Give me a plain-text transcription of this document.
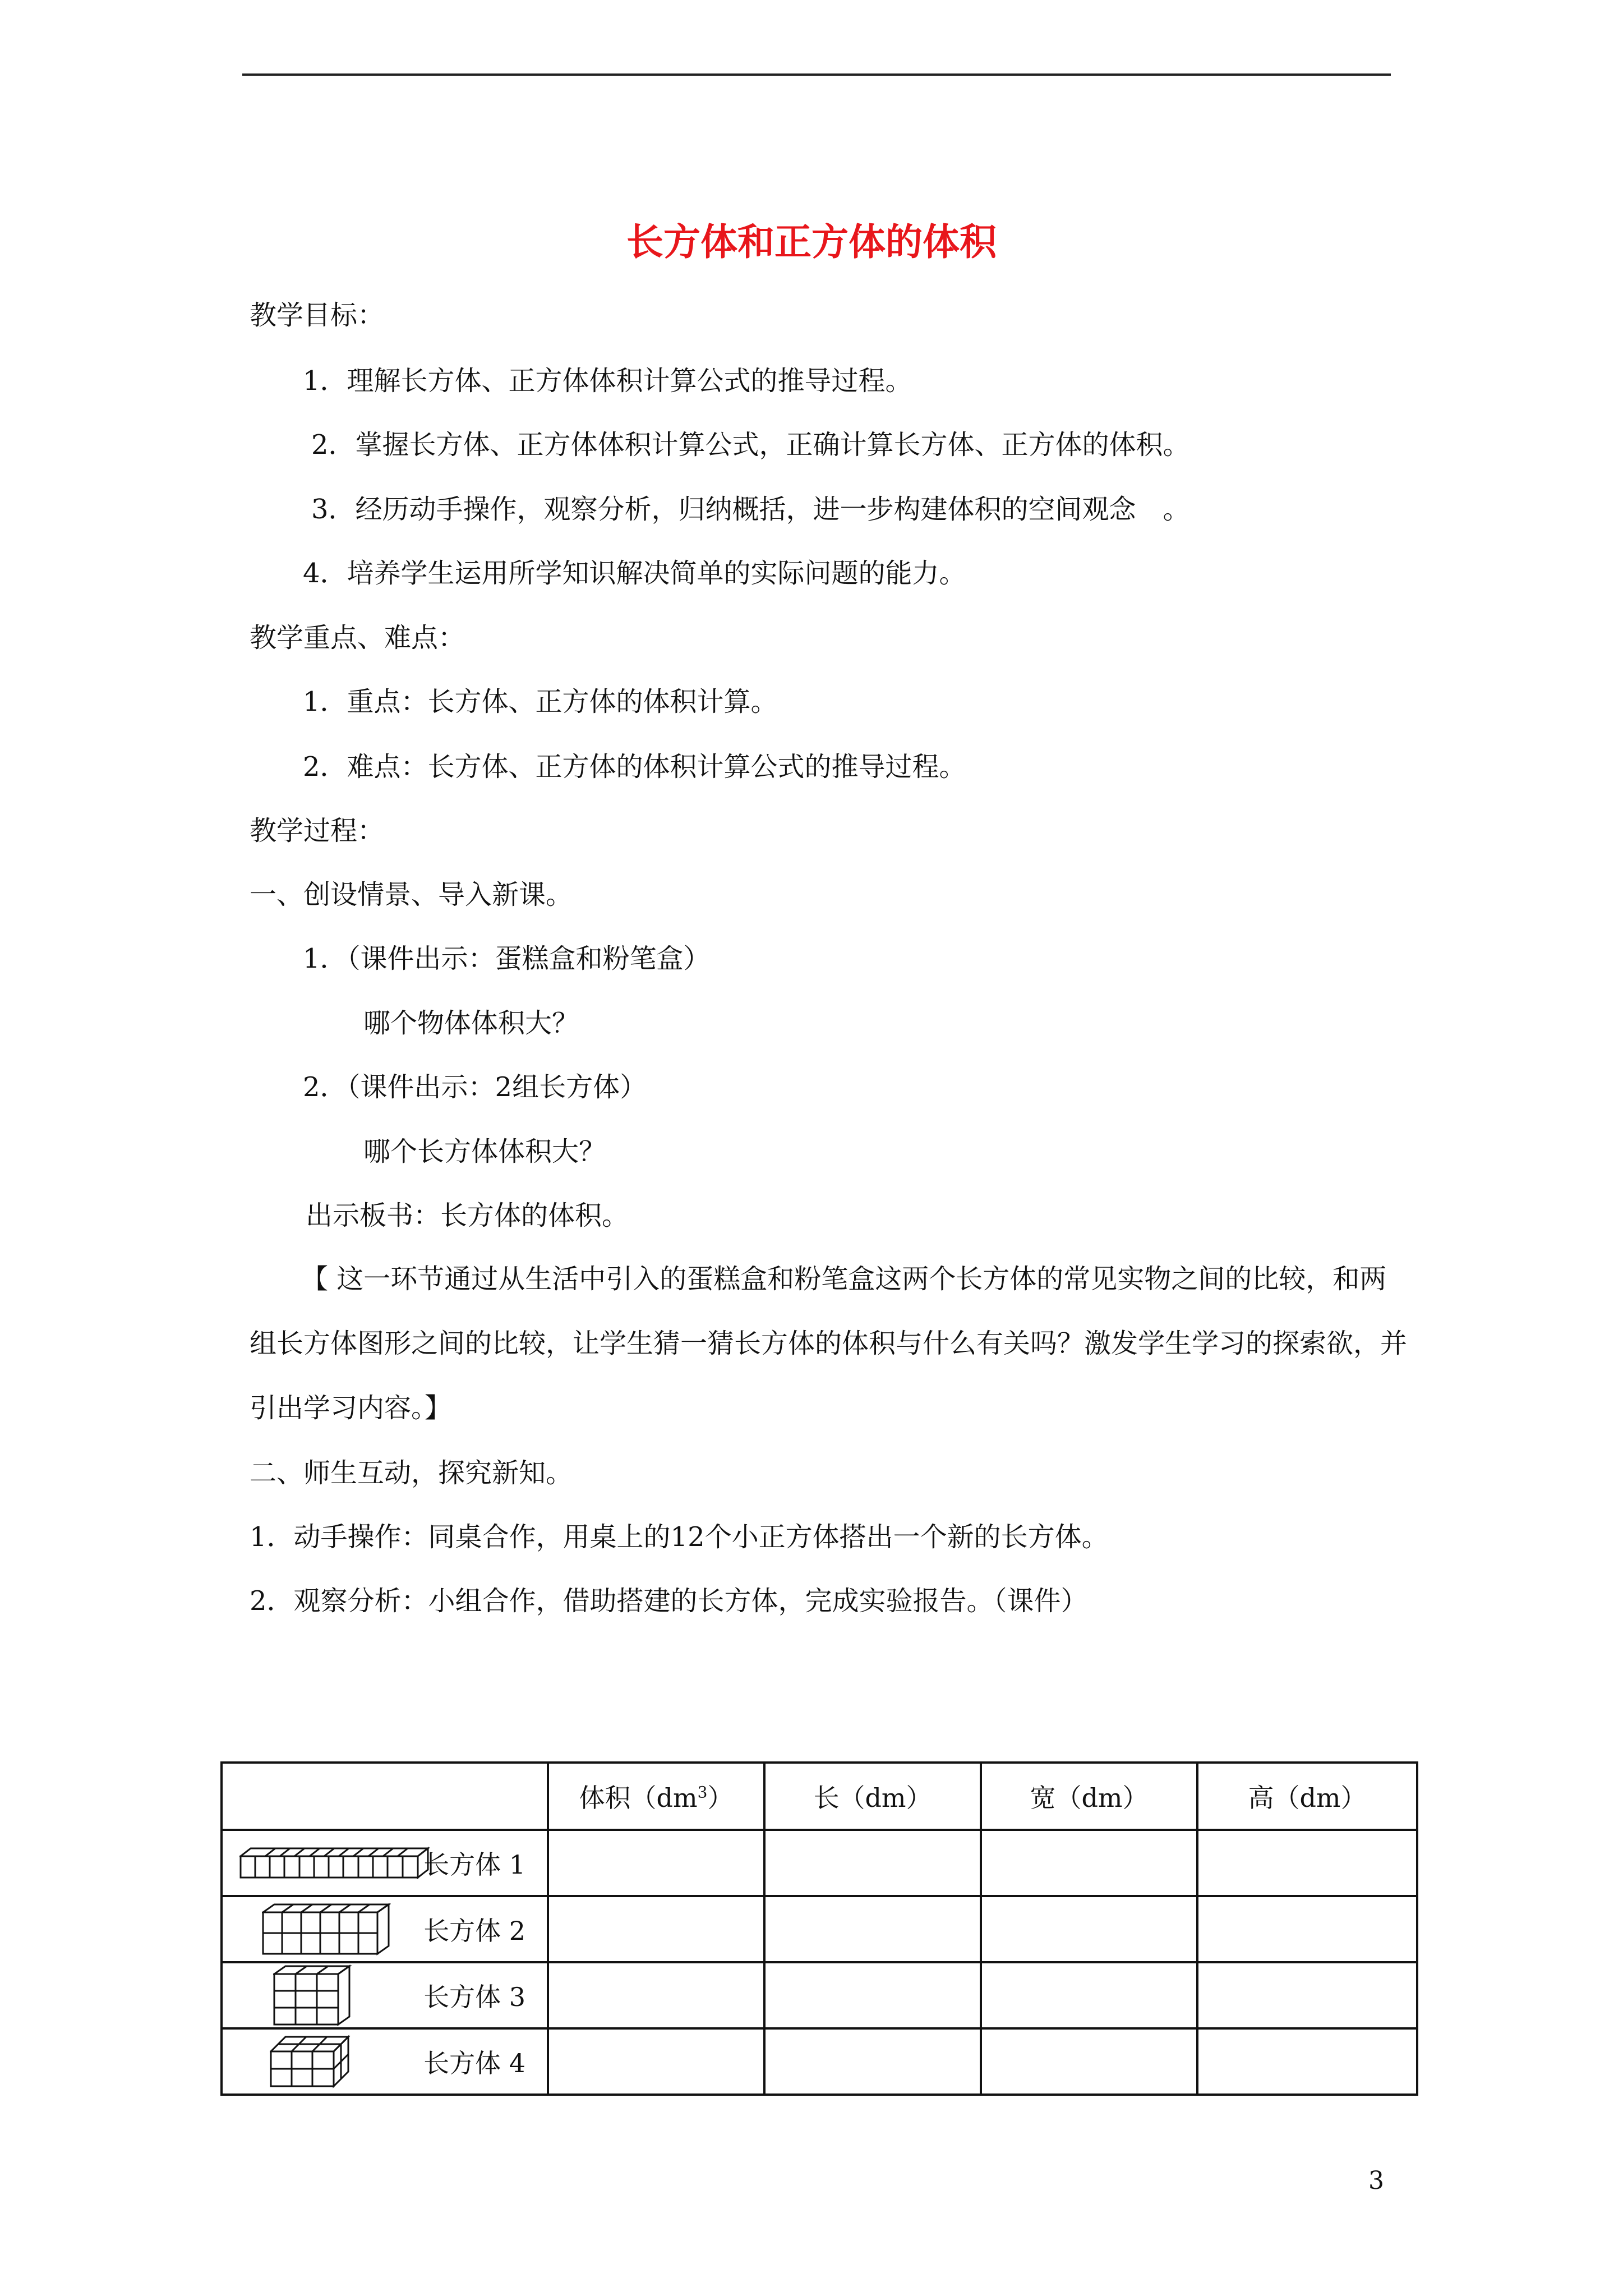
长方体和正方体的体积
教学目标：
1．理解长方体、正方体体积计算公式的推导过程。
2．掌握长方体、正方体体积计算公式，正确计算长方体、正方体的体积。
3．经历动手操作，观察分析，归纳概括，进一步构建体积的空间观念　。
4．培养学生运用所学知识解决简单的实际问题的能力。
教学重点、难点：
1．重点：长方体、正方体的体积计算。
2．难点：长方体、正方体的体积计算公式的推导过程。
教学过程：
一、创设情景、导入新课。
1．（课件出示：蛋糕盒和粉笔盒）
哪个物体体积大？
2．（课件出示：2组长方体）
哪个长方体体积大？
出示板书：长方体的体积。
【 这一环节通过从生活中引入的蛋糕盒和粉笔盒这两个长方体的常见实物之间的比较，和两组长方体图形之间的比较，让学生猜一猜长方体的体积与什么有关吗？激发学生学习的探索欲，并引出学习内容。】
二、师生互动，探究新知。
1．动手操作：同桌合作，用桌上的12个小正方体搭出一个新的长方体。
2．观察分析：小组合作，借助搭建的长方体，完成实验报告。（课件）
	体积$(dm^3)$	长（dm）	宽（dm）	高（dm）

长方体 1				

长方体 2				

长方体 3				

长方体 4				

3
